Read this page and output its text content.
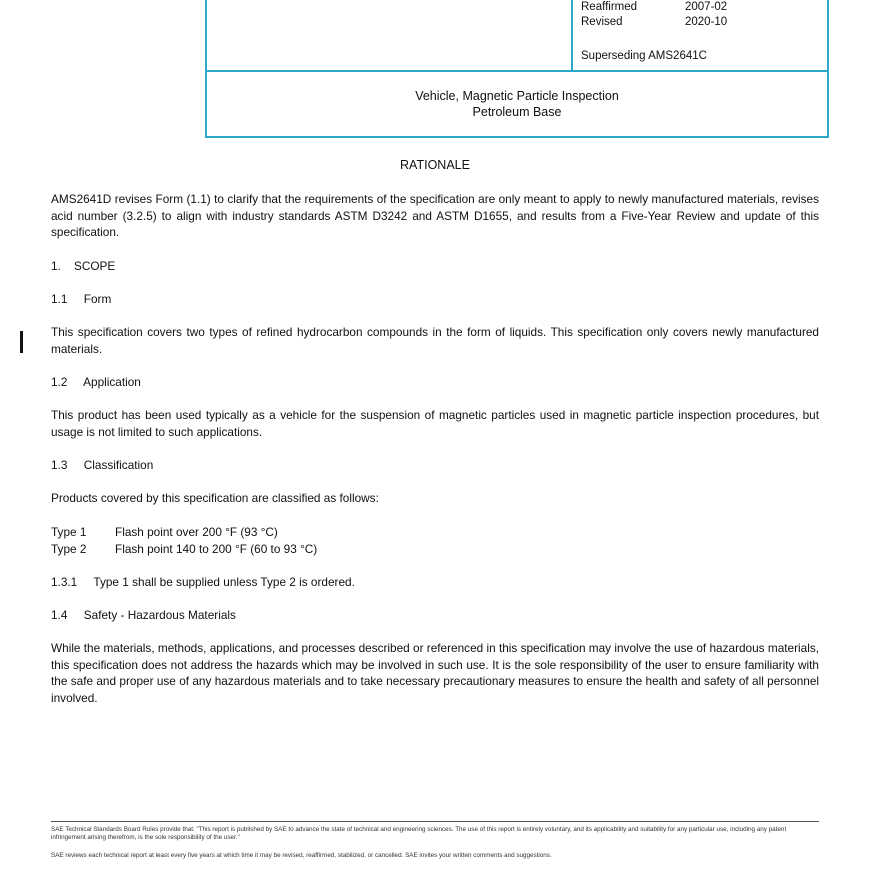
Reaffirmed	2007-02
Revised	2020-10
Superseding AMS2641C
Vehicle, Magnetic Particle Inspection
Petroleum Base
RATIONALE

AMS2641D revises Form (1.1) to clarify that the requirements of the specification are only meant to apply to newly manufactured materials, revises acid number (3.2.5) to align with industry standards ASTM D3242 and ASTM D1655, and results from a Five-Year Review and update of this specification.

1.    SCOPE
1.1     Form

This specification covers two types of refined hydrocarbon compounds in the form of liquids. This specification only covers newly manufactured materials.

1.2     Application

This product has been used typically as a vehicle for the suspension of magnetic particles used in magnetic particle inspection procedures, but usage is not limited to such applications.

1.3     Classification

Products covered by this specification are classified as follows:

Type 1	Flash point over 200 °F (93 °C)
Type 2	Flash point 140 to 200 °F (60 to 93 °C)
1.3.1     Type 1 shall be supplied unless Type 2 is ordered.
1.4     Safety - Hazardous Materials

While the materials, methods, applications, and processes described or referenced in this specification may involve the use of hazardous materials, this specification does not address the hazards which may be involved in such use. It is the sole responsibility of the user to ensure familiarity with the safe and proper use of any hazardous materials and to take necessary precautionary measures to ensure the health and safety of all personnel involved.

SAE Technical Standards Board Rules provide that: "This report is published by SAE to advance the state of technical and engineering sciences. The use of this report is entirely voluntary, and its applicability and suitability for any particular use, including any patent infringement arising therefrom, is the sole responsibility of the user."

SAE reviews each technical report at least every five years at which time it may be revised, reaffirmed, stabilized, or cancelled. SAE invites your written comments and suggestions.
